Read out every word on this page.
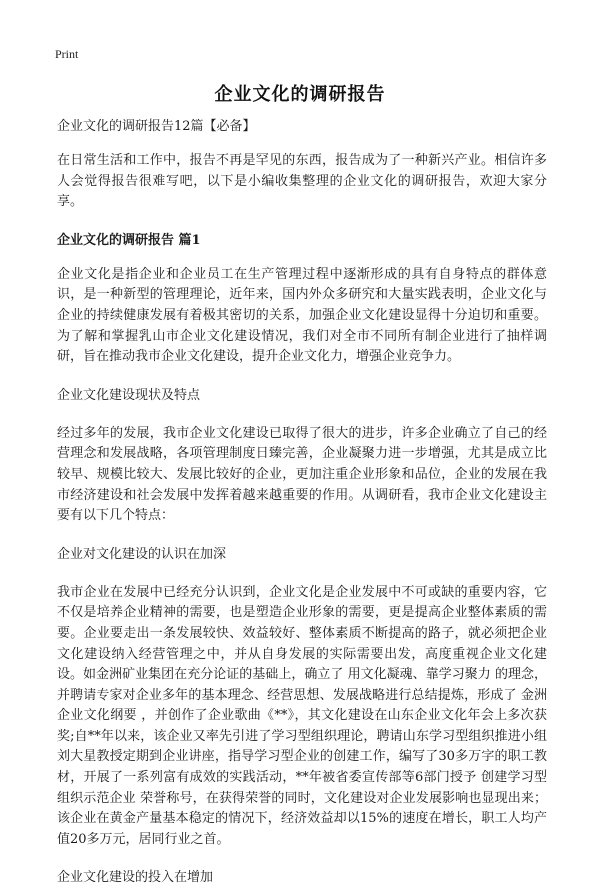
Print
企业文化的调研报告

企业文化的调研报告12篇【必备】

在日常生活和工作中，报告不再是罕见的东西，报告成为了一种新兴产业。相信许多人会觉得报告很难写吧，以下是小编收集整理的企业文化的调研报告，欢迎大家分享。

企业文化的调研报告 篇1

企业文化是指企业和企业员工在生产管理过程中逐渐形成的具有自身特点的群体意识，是一种新型的管理理论，近年来，国内外众多研究和大量实践表明，企业文化与企业的持续健康发展有着极其密切的关系，加强企业文化建设显得十分迫切和重要。为了解和掌握乳山市企业文化建设情况，我们对全市不同所有制企业进行了抽样调研，旨在推动我市企业文化建设，提升企业文化力，增强企业竞争力。

企业文化建设现状及特点

经过多年的发展，我市企业文化建设已取得了很大的进步，许多企业确立了自己的经营理念和发展战略，各项管理制度日臻完善，企业凝聚力进一步增强，尤其是成立比较早、规模比较大、发展比较好的企业，更加注重企业形象和品位，企业的发展在我市经济建设和社会发展中发挥着越来越重要的作用。从调研看，我市企业文化建设主要有以下几个特点：

企业对文化建设的认识在加深

我市企业在发展中已经充分认识到，企业文化是企业发展中不可或缺的重要内容，它不仅是培养企业精神的需要，也是塑造企业形象的需要，更是提高企业整体素质的需要。企业要走出一条发展较快、效益较好、整体素质不断提高的路子，就必须把企业文化建设纳入经营管理之中，并从自身发展的实际需要出发，高度重视企业文化建设。如金洲矿业集团在充分论证的基础上，确立了 用文化凝魂、靠学习聚力 的理念，并聘请专家对企业多年的基本理念、经营思想、发展战略进行总结提炼，形成了 金洲企业文化纲要 ，并创作了企业歌曲《**》，其文化建设在山东企业文化年会上多次获奖;自**年以来，该企业又率先引进了学习型组织理论，聘请山东学习型组织推进小组刘大星教授定期到企业讲座，指导学习型企业的创建工作，编写了30多万字的职工教材，开展了一系列富有成效的实践活动，**年被省委宣传部等6部门授予 创建学习型组织示范企业 荣誉称号，在获得荣誉的同时，文化建设对企业发展影响也显现出来；该企业在黄金产量基本稳定的情况下，经济效益却以15%的速度在增长，职工人均产值20多万元，居同行业之首。

企业文化建设的投入在增加
